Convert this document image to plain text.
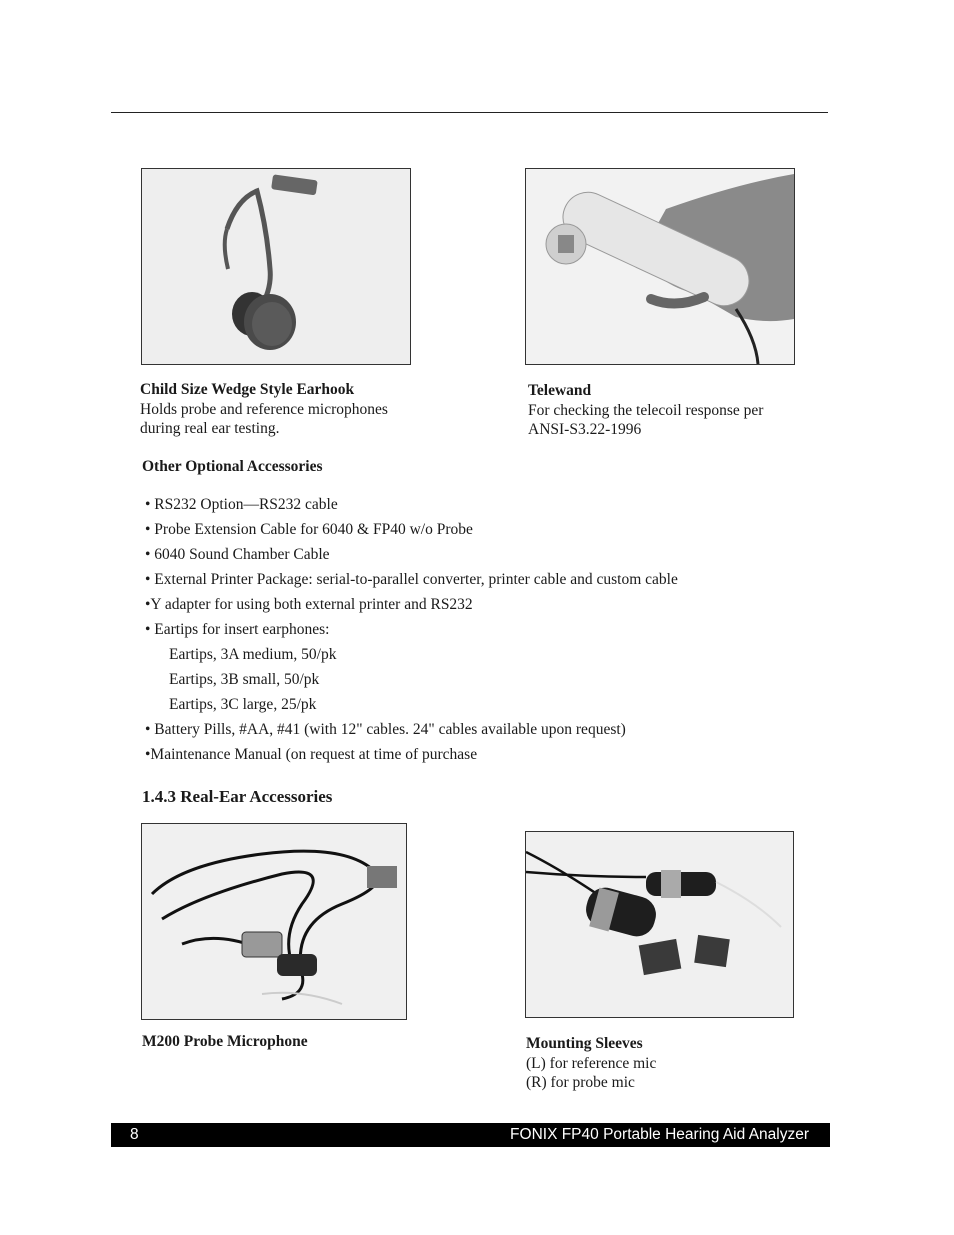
Child Size Wedge Style Earhook
Holds probe and reference microphones
during real ear testing.
Telewand
For checking the telecoil response per
ANSI-S3.22-1996
Other Optional Accessories
• RS232 Option—RS232 cable
• Probe Extension Cable for 6040 & FP40 w/o Probe
• 6040 Sound Chamber Cable
• External Printer Package: serial-to-parallel converter, printer cable and custom cable
•Y adapter for using both external printer and RS232
• Eartips for insert earphones:
Eartips, 3A medium, 50/pk
Eartips, 3B small, 50/pk
Eartips, 3C large, 25/pk
• Battery Pills, #AA, #41 (with 12" cables. 24" cables available upon request)
•Maintenance Manual (on request at time of purchase
1.4.3 Real-Ear Accessories
M200 Probe Microphone	Mounting Sleeves
(L) for reference mic
(R) for probe mic
8	FONIX FP40 Portable Hearing Aid Analyzer
